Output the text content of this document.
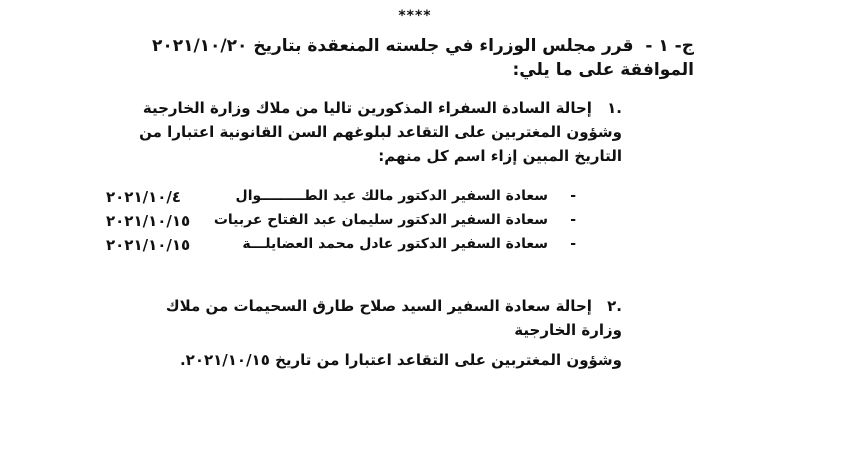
****
ج- ١ - قرر مجلس الوزراء في جلسته المنعقدة بتاريخ ٢٠٢١/١٠/٢٠ الموافقة على ما يلي:
.١ إحالة السادة السفراء المذكورين تاليا من ملاك وزارة الخارجية وشؤون المغتربين على التقاعد لبلوغهم السن القانونية اعتبارا من التاريخ المبين إزاء اسم كل منهم:
-
سعادة السفير الدكتور مالك عيد الطـــــــــوال
٢٠٢١/١٠/٤
-
سعادة السفير الدكتور سليمان عبد الفتاح عربيات
٢٠٢١/١٠/١٥
-
سعادة السفير الدكتور عادل محمد العضايلـــة
٢٠٢١/١٠/١٥
.٢ إحالة سعادة السفير السيد صلاح طارق السحيمات من ملاك وزارة الخارجية
وشؤون المغتربين على التقاعد اعتبارا من تاريخ ٢٠٢١/١٠/١٥.
